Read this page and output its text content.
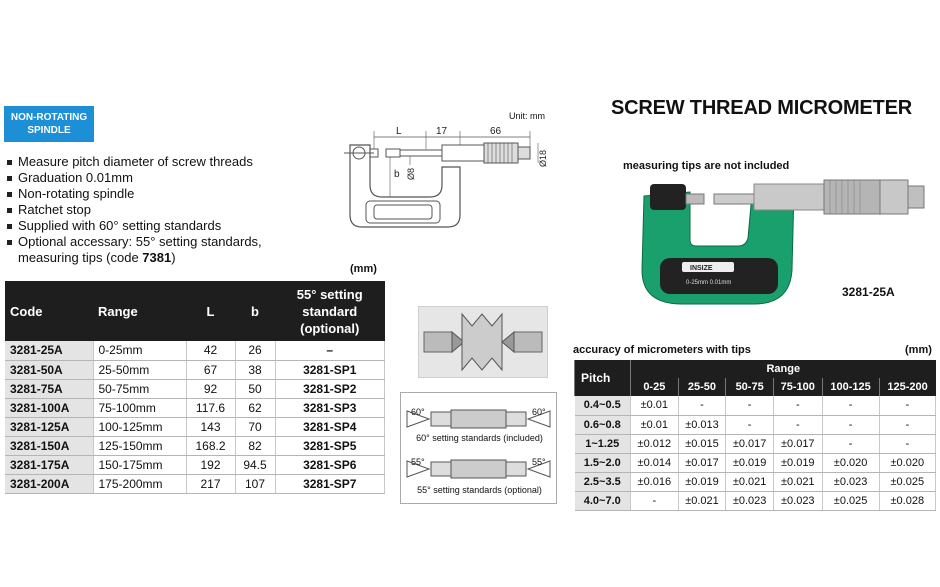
NON-ROTATING
SPINDLE
Measure pitch diameter of screw threads
Graduation 0.01mm
Non-rotating spindle
Ratchet stop
Supplied with 60° setting standards
Optional accessary: 55° setting standards,
measuring tips (code 7381)
L	17	66
b Ø8
Ø18
Unit: mm	SCREW THREAD MICROMETER
measuring tips are not included
INSIZE
0-25mm 0.01mm
3281-25A
(mm)
Code	Range	L	b	55° setting
standard
(optional)

3281-25A	0-25mm	42	26	–
3281-50A	25-50mm	67	38	3281-SP1
3281-75A	50-75mm	92	50	3281-SP2
3281-100A	75-100mm	117.6	62	3281-SP3
3281-125A	100-125mm	143	70	3281-SP4
3281-150A	125-150mm	168.2	82	3281-SP5
3281-175A	150-175mm	192	94.5	3281-SP6
3281-200A	175-200mm	217	107	3281-SP7
60°	60°
60° setting standards (included)
55°	55°
55° setting standards (optional)
accuracy of micrometers with tips	(mm)
Pitch	Range					
	0-25	25-50	50-75	75-100	100-125	125-200
0.4~0.5	±0.01	-	-	-	-	-
0.6~0.8	±0.01	±0.013	-	-	-	-
1~1.25	±0.012	±0.015	±0.017	±0.017	-	-
1.5~2.0	±0.014	±0.017	±0.019	±0.019	±0.020	±0.020
2.5~3.5	±0.016	±0.019	±0.021	±0.021	±0.023	±0.025
4.0~7.0	-	±0.021	±0.023	±0.023	±0.025	±0.028
